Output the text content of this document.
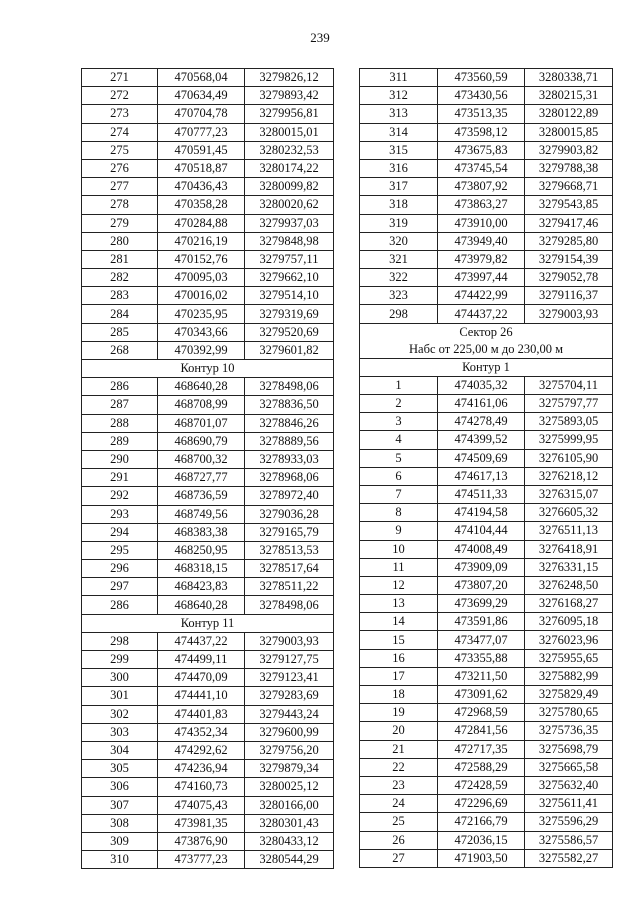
239
271	470568,04	3279826,12
272	470634,49	3279893,42
273	470704,78	3279956,81
274	470777,23	3280015,01
275	470591,45	3280232,53
276	470518,87	3280174,22
277	470436,43	3280099,82
278	470358,28	3280020,62
279	470284,88	3279937,03
280	470216,19	3279848,98
281	470152,76	3279757,11
282	470095,03	3279662,10
283	470016,02	3279514,10
284	470235,95	3279319,69
285	470343,66	3279520,69
268	470392,99	3279601,82

Контур 10		

286	468640,28	3278498,06
287	468708,99	3278836,50
288	468701,07	3278846,26
289	468690,79	3278889,56
290	468700,32	3278933,03
291	468727,77	3278968,06
292	468736,59	3278972,40
293	468749,56	3279036,28
294	468383,38	3279165,79
295	468250,95	3278513,53
296	468318,15	3278517,64
297	468423,83	3278511,22
286	468640,28	3278498,06

Контур 11		

298	474437,22	3279003,93
299	474499,11	3279127,75
300	474470,09	3279123,41
301	474441,10	3279283,69
302	474401,83	3279443,24
303	474352,34	3279600,99
304	474292,62	3279756,20
305	474236,94	3279879,34
306	474160,73	3280025,12
307	474075,43	3280166,00
308	473981,35	3280301,43
309	473876,90	3280433,12
310	473777,23	3280544,29
311	473560,59	3280338,71
312	473430,56	3280215,31
313	473513,35	3280122,89
314	473598,12	3280015,85
315	473675,83	3279903,82
316	473745,54	3279788,38
317	473807,92	3279668,71
318	473863,27	3279543,85
319	473910,00	3279417,46
320	473949,40	3279285,80
321	473979,82	3279154,39
322	473997,44	3279052,78
323	474422,99	3279116,37
298	474437,22	3279003,93

Сектор 26
Набс от 225,00 м до 230,00 м		

Контур 1		

1	474035,32	3275704,11
2	474161,06	3275797,77
3	474278,49	3275893,05
4	474399,52	3275999,95
5	474509,69	3276105,90
6	474617,13	3276218,12
7	474511,33	3276315,07
8	474194,58	3276605,32
9	474104,44	3276511,13
10	474008,49	3276418,91
11	473909,09	3276331,15
12	473807,20	3276248,50
13	473699,29	3276168,27
14	473591,86	3276095,18
15	473477,07	3276023,96
16	473355,88	3275955,65
17	473211,50	3275882,99
18	473091,62	3275829,49
19	472968,59	3275780,65
20	472841,56	3275736,35
21	472717,35	3275698,79
22	472588,29	3275665,58
23	472428,59	3275632,40
24	472296,69	3275611,41
25	472166,79	3275596,29
26	472036,15	3275586,57
27	471903,50	3275582,27
